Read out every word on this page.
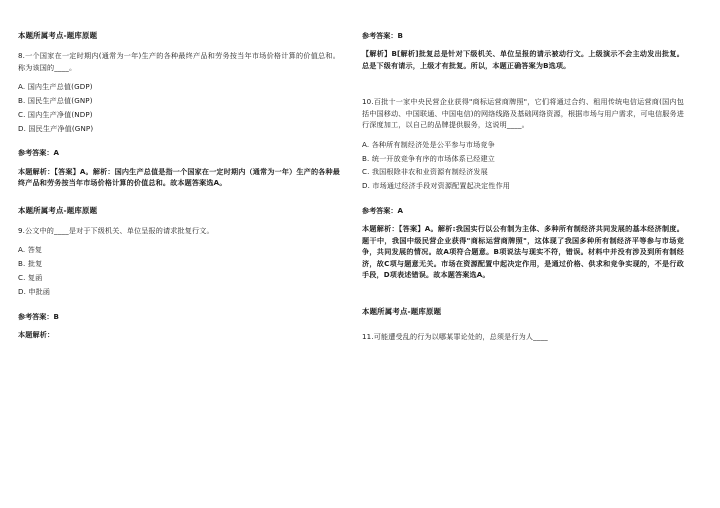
本题所属考点-题库原题

8.一个国家在一定时期内(通常为一年)生产的各种最终产品和劳务按当年市场价格计算的价值总和。称为该国的____。

A. 国内生产总值(GDP)
B. 国民生产总值(GNP)
C. 国内生产净值(NDP)
D. 国民生产净值(GNP)
参考答案：A

本题解析：【答案】A。解析：国内生产总值是指一个国家在一定时期内（通常为一年）生产的各种最终产品和劳务按当年市场价格计算的价值总和。故本题答案选A。

本题所属考点-题库原题

9.公文中的____是对于下级机关、单位呈报的请求批复行文。

A. 答复
B. 批复
C. 复函
D. 申批函
参考答案：B

本题解析：

参考答案：B

【解析】B[解析]批复总是针对下级机关、单位呈报的请示被动行文。上级演示不会主动发出批复。总是下级有请示，上级才有批复。所以，本题正确答案为B选项。

10.百批十一家中央民营企业获得"商标运营商牌照"，它们将通过合约、租用传统电信运营商(国内包括中国移动、中国联通、中国电信)的网络线路及基础网络资源，根据市场与用户需求，可电信服务进行深度加工，以自己的品牌提供服务，这说明____。

A. 各种所有制经济处是公平参与市场竞争
B. 统一开放竞争有序的市场体系已经建立
C. 我国根除非农和业资源有制经济发展
D. 市场通过经济手段对资源配置起决定性作用
参考答案：A

本题解析：【答案】A。解析:我国实行以公有制为主体、多种所有制经济共同发展的基本经济制度。题干中，我国中级民营企业获得"商标运营商牌照"，这体现了我国多种所有制经济平等参与市场竞争，共同发展的情况。故A项符合题意。B项说法与现实不符，错误。材料中并没有涉及到所有制经济，故C项与题意无关。市场在资源配置中起决定作用，是通过价格、供求和竞争实现的，不是行政手段，D项表述错误。故本题答案选A。

本题所属考点-题库原题

11.可能遭受乱的行为以哪某罪论处的，总须是行为人____
